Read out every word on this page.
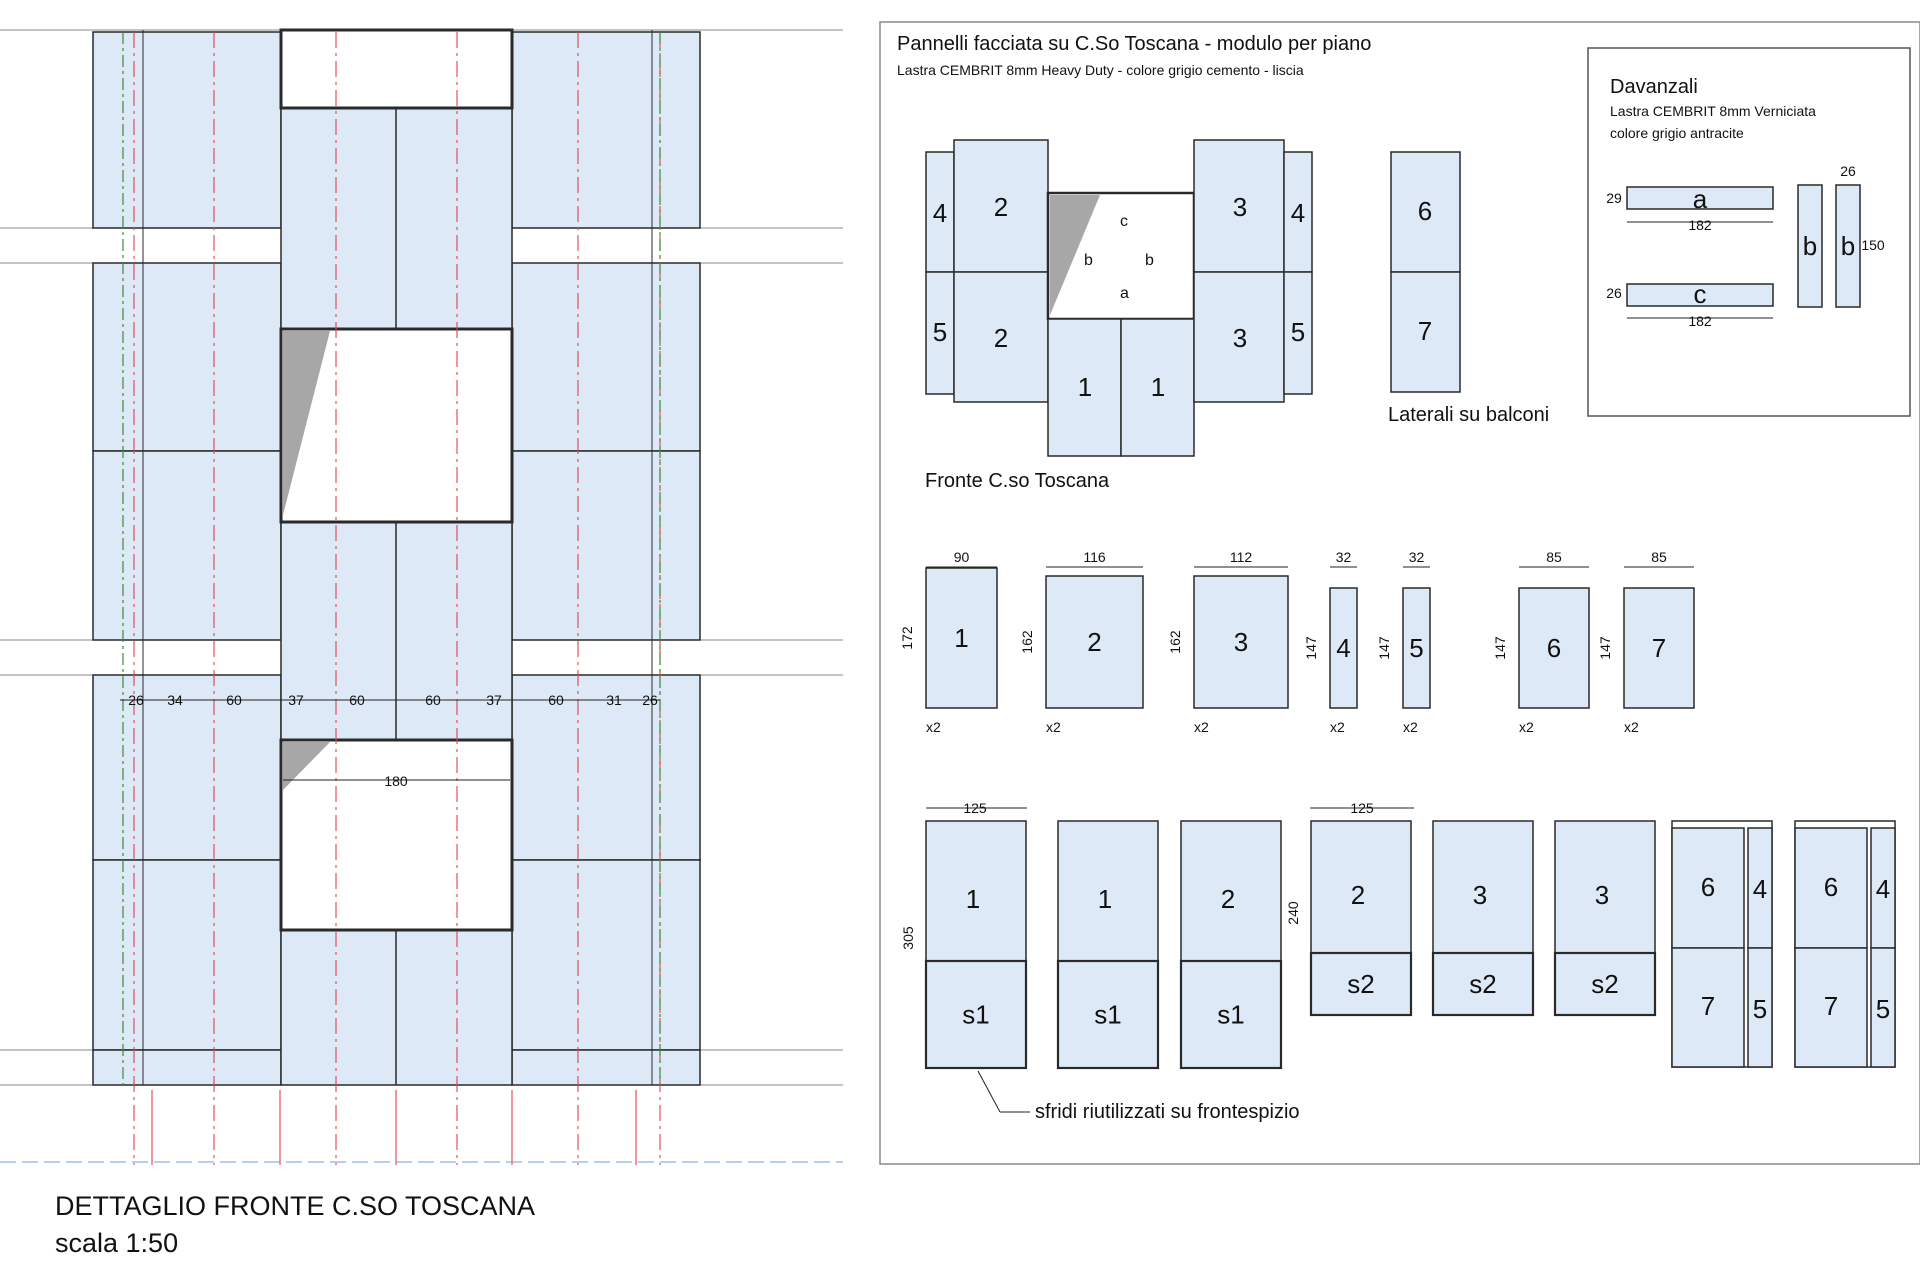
26 34	60	37	60	60	37	60	31 26
180
DETTAGLIO FRONTE C.SO TOSCANA
scala 1:50
Pannelli facciata su C.So Toscana - modulo per piano
Lastra CEMBRIT 8mm Heavy Duty - colore grigio cemento - liscia
4 2
5 2
3 4
3 5
1 1
c
b	b
a
Fronte C.so Toscana
6
7
Laterali su balconi
Davanzali
Lastra CEMBRIT 8mm Verniciata
colore grigio antracite
a
29
182
c
26
182
b b
26
150
1
90
172
x2
2
116
162
x2
3
112
162
x2
4
32
147
x2
5
32
147
x2
6
85
147
x2
7
85
147
x2
125
305
125
240
1
s1
1
s1
2
s1
2
s2
3
s2
3
s2
6 4
7 5
6 4
7 5
sfridi riutilizzati su frontespizio
